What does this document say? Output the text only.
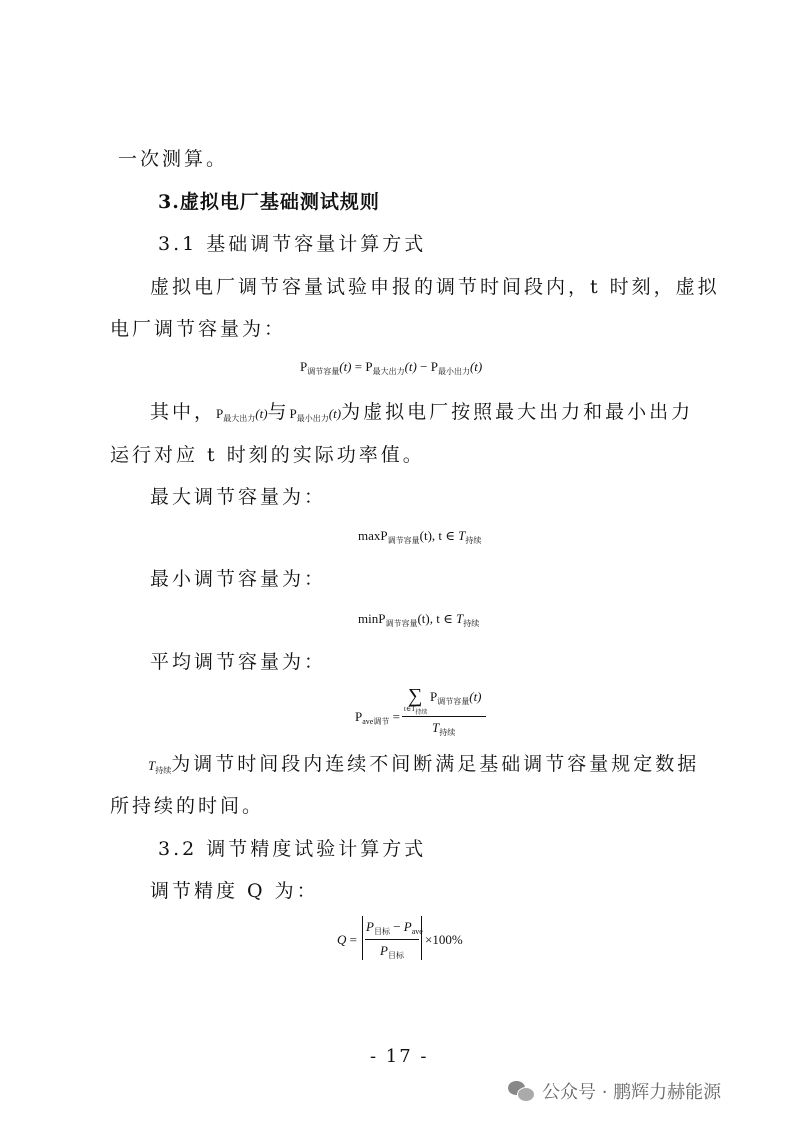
一次测算。
3.虚拟电厂基础测试规则
3.1 基础调节容量计算方式
虚拟电厂调节容量试验申报的调节时间段内，t 时刻，虚拟
电厂调节容量为：
$P_{调节容量}(t) = P_{最大出力}(t) - P_{最小出力}(t)$
其中，$P_{最大出力}(t)$与$P_{最小出力}(t)$为虚拟电厂按照最大出力和最小出力
运行对应 t 时刻的实际功率值。
最大调节容量为：
maxP$_{调节容量}$(t), t ∈ $T_{持续}$
最小调节容量为：
minP$_{调节容量}$(t), t ∈ $T_{持续}$
平均调节容量为：
$P_{ave调节}$ =
∑
$t\in T_{持续}$
$P_{调节容量}(t)$
$T_{持续}$
$T_{持续}$为调节时间段内连续不间断满足基础调节容量规定数据
所持续的时间。
3.2 调节精度试验计算方式
调节精度 Q 为：
Q =
$P_{目标} - P_{ave}$
$P_{目标}$
×100%
- 17 -
公众号 · 鹏辉力赫能源
